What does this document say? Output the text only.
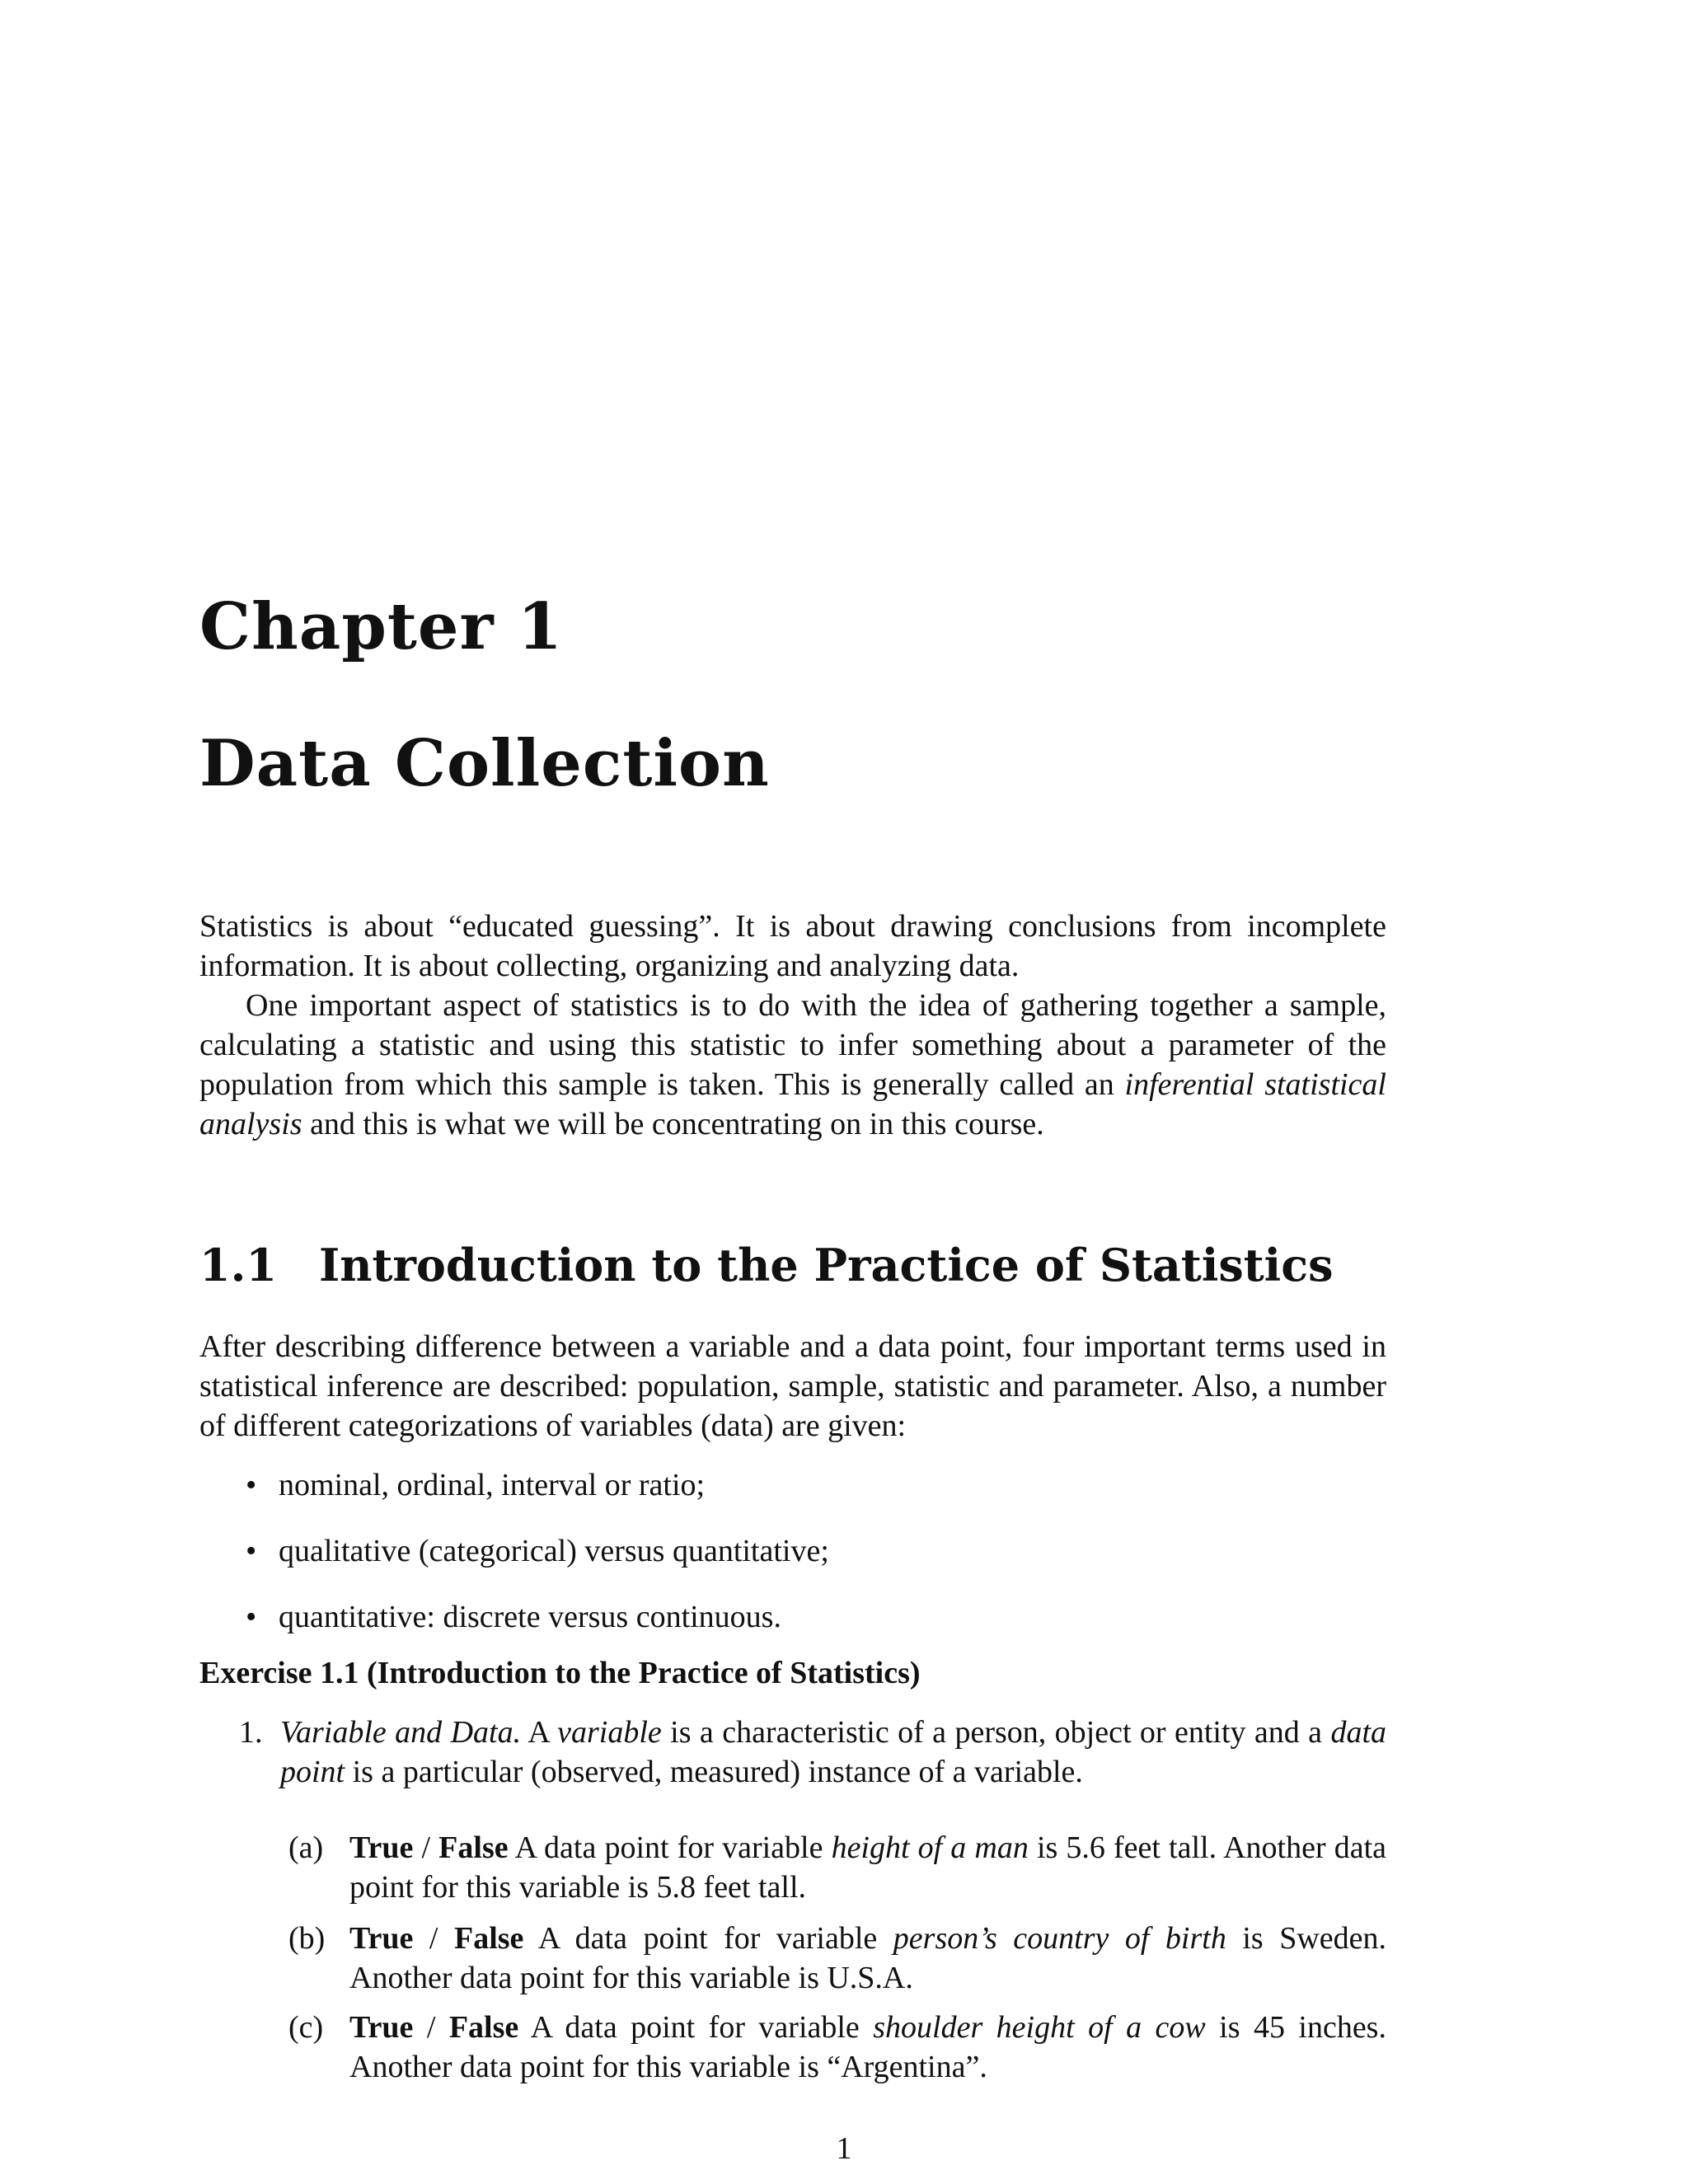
Chapter 1
Data Collection

Statistics is about “educated guessing”. It is about drawing conclusions from incomplete information. It is about collecting, organizing and analyzing data.

One important aspect of statistics is to do with the idea of gathering together a sample, calculating a statistic and using this statistic to infer something about a parameter of the population from which this sample is taken. This is generally called an inferential statistical analysis and this is what we will be concentrating on in this course.

1.1 Introduction to the Practice of Statistics

After describing difference between a variable and a data point, four important terms used in statistical inference are described: population, sample, statistic and parameter. Also, a number of different categorizations of variables (data) are given:

• nominal, ordinal, interval or ratio;
• qualitative (categorical) versus quantitative;
• quantitative: discrete versus continuous.

Exercise 1.1 (Introduction to the Practice of Statistics)

1. Variable and Data. A variable is a characteristic of a person, object or entity and a data point is a particular (observed, measured) instance of a variable.
(a) True / False A data point for variable height of a man is 5.6 feet tall. Another data point for this variable is 5.8 feet tall.
(b) True / False A data point for variable person’s country of birth is Sweden. Another data point for this variable is U.S.A.
(c) True / False A data point for variable shoulder height of a cow is 45 inches. Another data point for this variable is “Argentina”.
1
